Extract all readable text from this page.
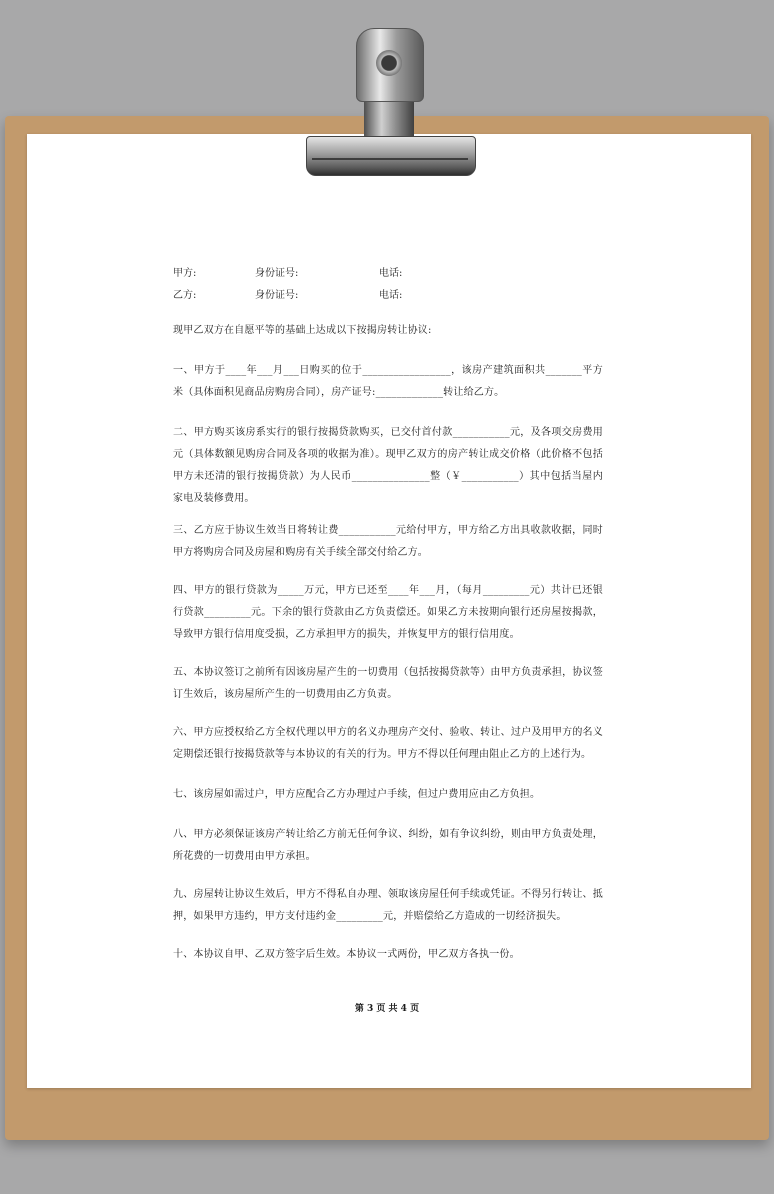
甲方:	身份证号:	电话:
乙方:	身份证号:	电话:
现甲乙双方在自愿平等的基础上达成以下按揭房转让协议:
一、甲方于____年___月___日购买的位于_________________，该房产建筑面积共_______平方米（具体面积见商品房购房合同），房产证号:_____________转让给乙方。
二、甲方购买该房系实行的银行按揭贷款购买，已交付首付款___________元，及各项交房费用元（具体数额见购房合同及各项的收据为准）。现甲乙双方的房产转让成交价格（此价格不包括甲方未还清的银行按揭贷款）为人民币_______________整（￥___________）其中包括当屋内家电及装修费用。
三、乙方应于协议生效当日将转让费___________元给付甲方，甲方给乙方出具收款收据，同时甲方将购房合同及房屋和购房有关手续全部交付给乙方。
四、甲方的银行贷款为_____万元，甲方已还至____年___月，（每月_________元）共计已还银行贷款_________元。下余的银行贷款由乙方负责偿还。如果乙方未按期向银行还房屋按揭款，导致甲方银行信用度受损，乙方承担甲方的损失，并恢复甲方的银行信用度。
五、本协议签订之前所有因该房屋产生的一切费用（包括按揭贷款等）由甲方负责承担，协议签订生效后，该房屋所产生的一切费用由乙方负责。
六、甲方应授权给乙方全权代理以甲方的名义办理房产交付、验收、转让、过户及用甲方的名义定期偿还银行按揭贷款等与本协议的有关的行为。甲方不得以任何理由阻止乙方的上述行为。
七、该房屋如需过户，甲方应配合乙方办理过户手续，但过户费用应由乙方负担。
八、甲方必须保证该房产转让给乙方前无任何争议、纠纷，如有争议纠纷，则由甲方负责处理，所花费的一切费用由甲方承担。
九、房屋转让协议生效后，甲方不得私自办理、领取该房屋任何手续或凭证。不得另行转让、抵押，如果甲方违约，甲方支付违约金_________元，并赔偿给乙方造成的一切经济损失。
十、本协议自甲、乙双方签字后生效。本协议一式两份，甲乙双方各执一份。
第 3 页 共 4 页
